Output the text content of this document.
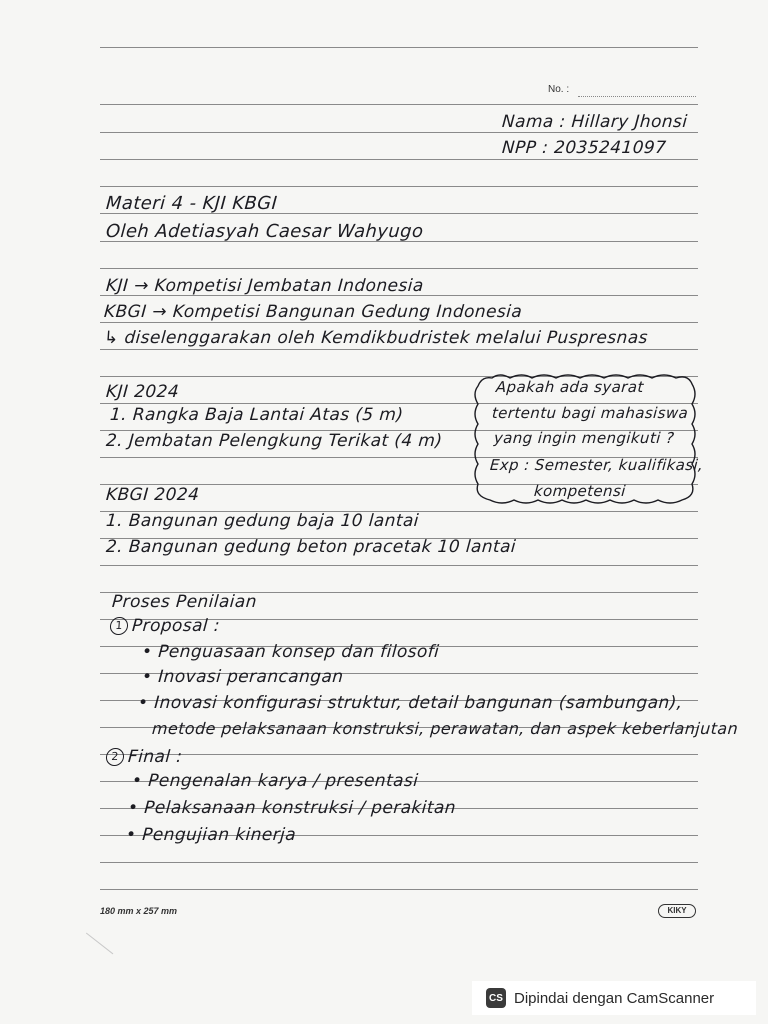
No. :
Nama : Hillary Jhonsi
NPP : 2035241097
Materi 4 - KJI KBGI
Oleh Adetiasyah Caesar Wahyugo
KJI → Kompetisi Jembatan Indonesia
KBGI → Kompetisi Bangunan Gedung Indonesia
↳ diselenggarakan oleh Kemdikbudristek melalui Puspresnas
KJI 2024
1. Rangka Baja Lantai Atas (5 m)
2. Jembatan Pelengkung Terikat (4 m)
Apakah ada syarat
tertentu bagi mahasiswa
yang ingin mengikuti ?
Exp : Semester, kualifikasi,
kompetensi
KBGI 2024
1. Bangunan gedung baja 10 lantai
2. Bangunan gedung beton pracetak 10 lantai
Proses Penilaian
1 Proposal :
• Penguasaan konsep dan filosofi
• Inovasi perancangan
• Inovasi konfigurasi struktur, detail bangunan (sambungan),
metode pelaksanaan konstruksi, perawatan, dan aspek keberlanjutan
2 Final :
• Pengenalan karya / presentasi
• Pelaksanaan konstruksi / perakitan
• Pengujian kinerja
180 mm x 257 mm	KIKY
CS Dipindai dengan CamScanner
